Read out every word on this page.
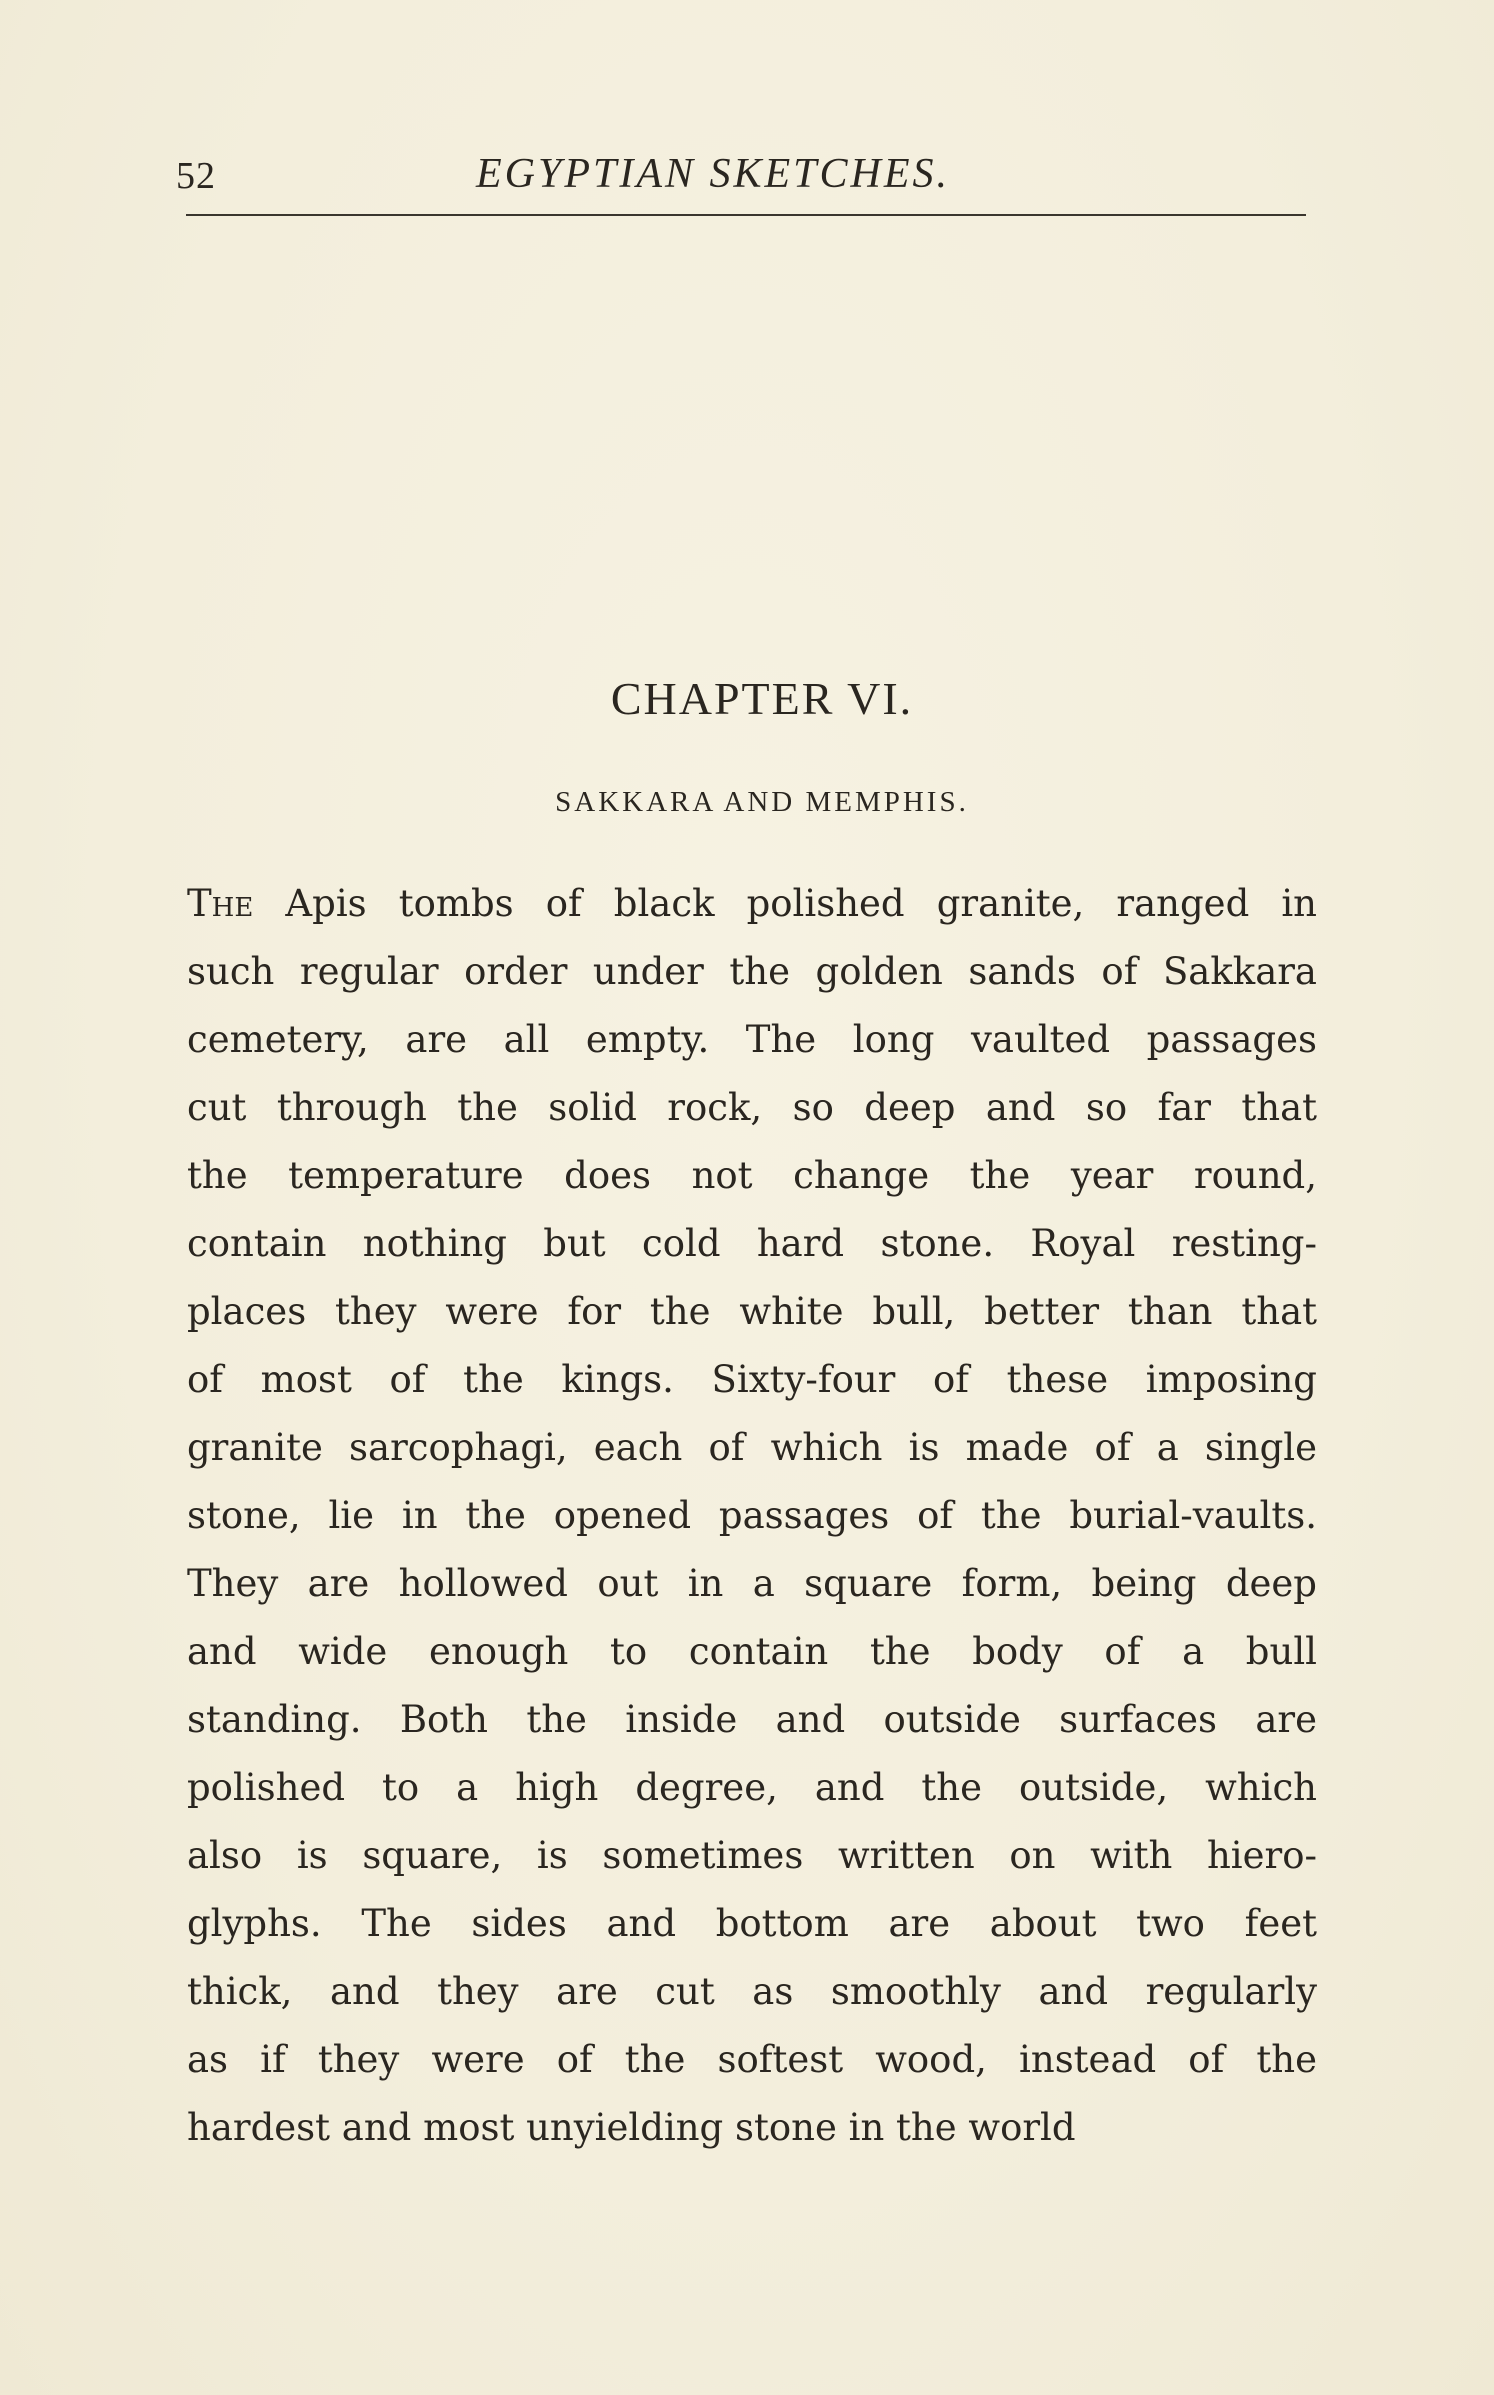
52	EGYPTIAN SKETCHES.
CHAPTER VI.
SAKKARA AND MEMPHIS.
The Apis tombs of black polished granite, ranged in
such regular order under the golden sands of Sakkara
cemetery, are all empty. The long vaulted passages
cut through the solid rock, so deep and so far that
the temperature does not change the year round,
contain nothing but cold hard stone. Royal resting-
places they were for the white bull, better than that
of most of the kings. Sixty-four of these imposing
granite sarcophagi, each of which is made of a single
stone, lie in the opened passages of the burial-vaults.
They are hollowed out in a square form, being deep
and wide enough to contain the body of a bull
standing. Both the inside and outside surfaces are
polished to a high degree, and the outside, which
also is square, is sometimes written on with hiero-
glyphs. The sides and bottom are about two feet
thick, and they are cut as smoothly and regularly
as if they were of the softest wood, instead of the
hardest and most unyielding stone in the world
